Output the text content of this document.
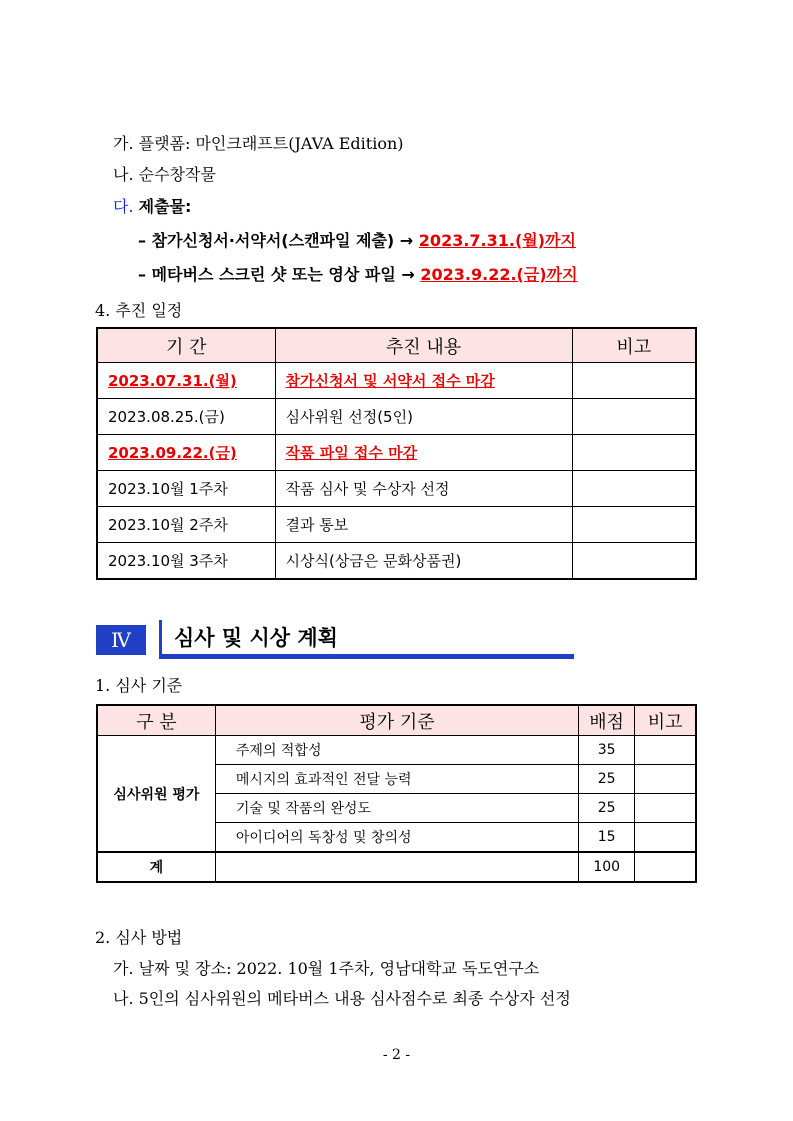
가. 플랫폼: 마인크래프트(JAVA Edition)
나. 순수창작물
다. 제출물:
– 참가신청서·서약서(스캔파일 제출) → 2023.7.31.(월)까지
– 메타버스 스크린 샷 또는 영상 파일 → 2023.9.22.(금)까지
4. 추진 일정
기 간	추진 내용	비고
2023.07.31.(월)	참가신청서 및 서약서 접수 마감	
2023.08.25.(금)	심사위원 선정(5인)	
2023.09.22.(금)	작품 파일 접수 마감	
2023.10월 1주차	작품 심사 및 수상자 선정	
2023.10월 2주차	결과 통보	
2023.10월 3주차	시상식(상금은 문화상품권)	
Ⅳ	심사 및 시상 계획
1. 심사 기준
구 분	평가 기준	배점	비고
심사위원 평가	주제의 적합성	35	
	메시지의 효과적인 전달 능력	25	
	기술 및 작품의 완성도	25	
	아이디어의 독창성 및 창의성	15	
계		100	
2. 심사 방법
가. 날짜 및 장소: 2022. 10월 1주차, 영남대학교 독도연구소
나. 5인의 심사위원의 메타버스 내용 심사점수로 최종 수상자 선정
- 2 -
